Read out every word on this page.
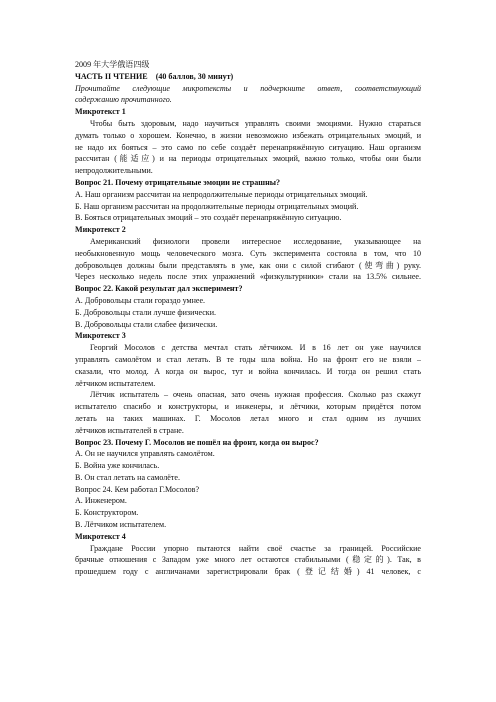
2009 年大学俄语四级
ЧАСТЬ II ЧТЕНИЕ (40 баллов, 30 минут)
Прочитайте следующие микротексты и подчеркните ответ, соответствующий
содержанию прочитанного.
Микротекст 1
Чтобы быть здоровым, надо научиться управлять своими эмоциями. Нужно стараться
думать только о хорошем. Конечно, в жизни невозможно избежать отрицательных эмоций, и
не надо их бояться – это само по себе создаёт перенапряжённую ситуацию. Наш организм
рассчитан (能适应) и на периоды отрицательных эмоций, важно только, чтобы они были
непродолжительными.
Вопрос 21. Почему отрицательные эмоции не страшны?
А. Наш организм рассчитан на непродолжительные периоды отрицательных эмоций.
Б. Наш организм рассчитан на продолжительные периоды отрицательных эмоций.
В. Бояться отрицательных эмоций – это создаёт перенапряжённую ситуацию.
Микротекст 2
Американский физиологи провели интересное исследование, указывающее на
необыкновенную мощь человеческого мозга. Суть эксперимента состояла в том, что 10
добровольцев должны были представлять в уме, как они с силой сгибают (使弯曲) руку.
Через несколько недель после этих упражнений «физкультурники» стали на 13.5% сильнее.
Вопрос 22. Какой результат дал эксперимент?
А. Добровольцы стали гораздо умнее.
Б. Добровольцы стали лучше физически.
В. Добровольцы стали слабее физически.
Микротекст 3
Георгий Мосолов с детства мечтал стать лётчиком. И в 16 лет он уже научился
управлять самолётом и стал летать. В те годы шла война. Но на фронт его не взяли –
сказали, что молод. А когда он вырос, тут и война кончилась. И тогда он решил стать
лётчиком испытателем.
Лётчик испытатель – очень опасная, зато очень нужная профессия. Сколько раз скажут
испытателю спасибо и конструкторы, и инженеры, и лётчики, которым придётся потом
летать на таких машинах. Г. Мосолов летал много и стал одним из лучших
лётчиков испытателей в стране.
Вопрос 23. Почему Г. Мосолов не пошёл на фронт, когда он вырос?
А. Он не научился управлять самолётом.
Б. Война уже кончилась.
В. Он стал летать на самолёте.
Вопрос 24. Кем работал Г.Мосолов?
А. Инженером.
Б. Конструктором.
В. Лётчиком испытателем.
Микротекст 4
Граждане России упорно пытаются найти своё счастье за границей. Российские
брачные отношения с Западом уже много лет остаются стабильными (稳定的). Так, в
прошедшем году с англичанами зарегистрировали брак (登记结婚) 41 человек, с
